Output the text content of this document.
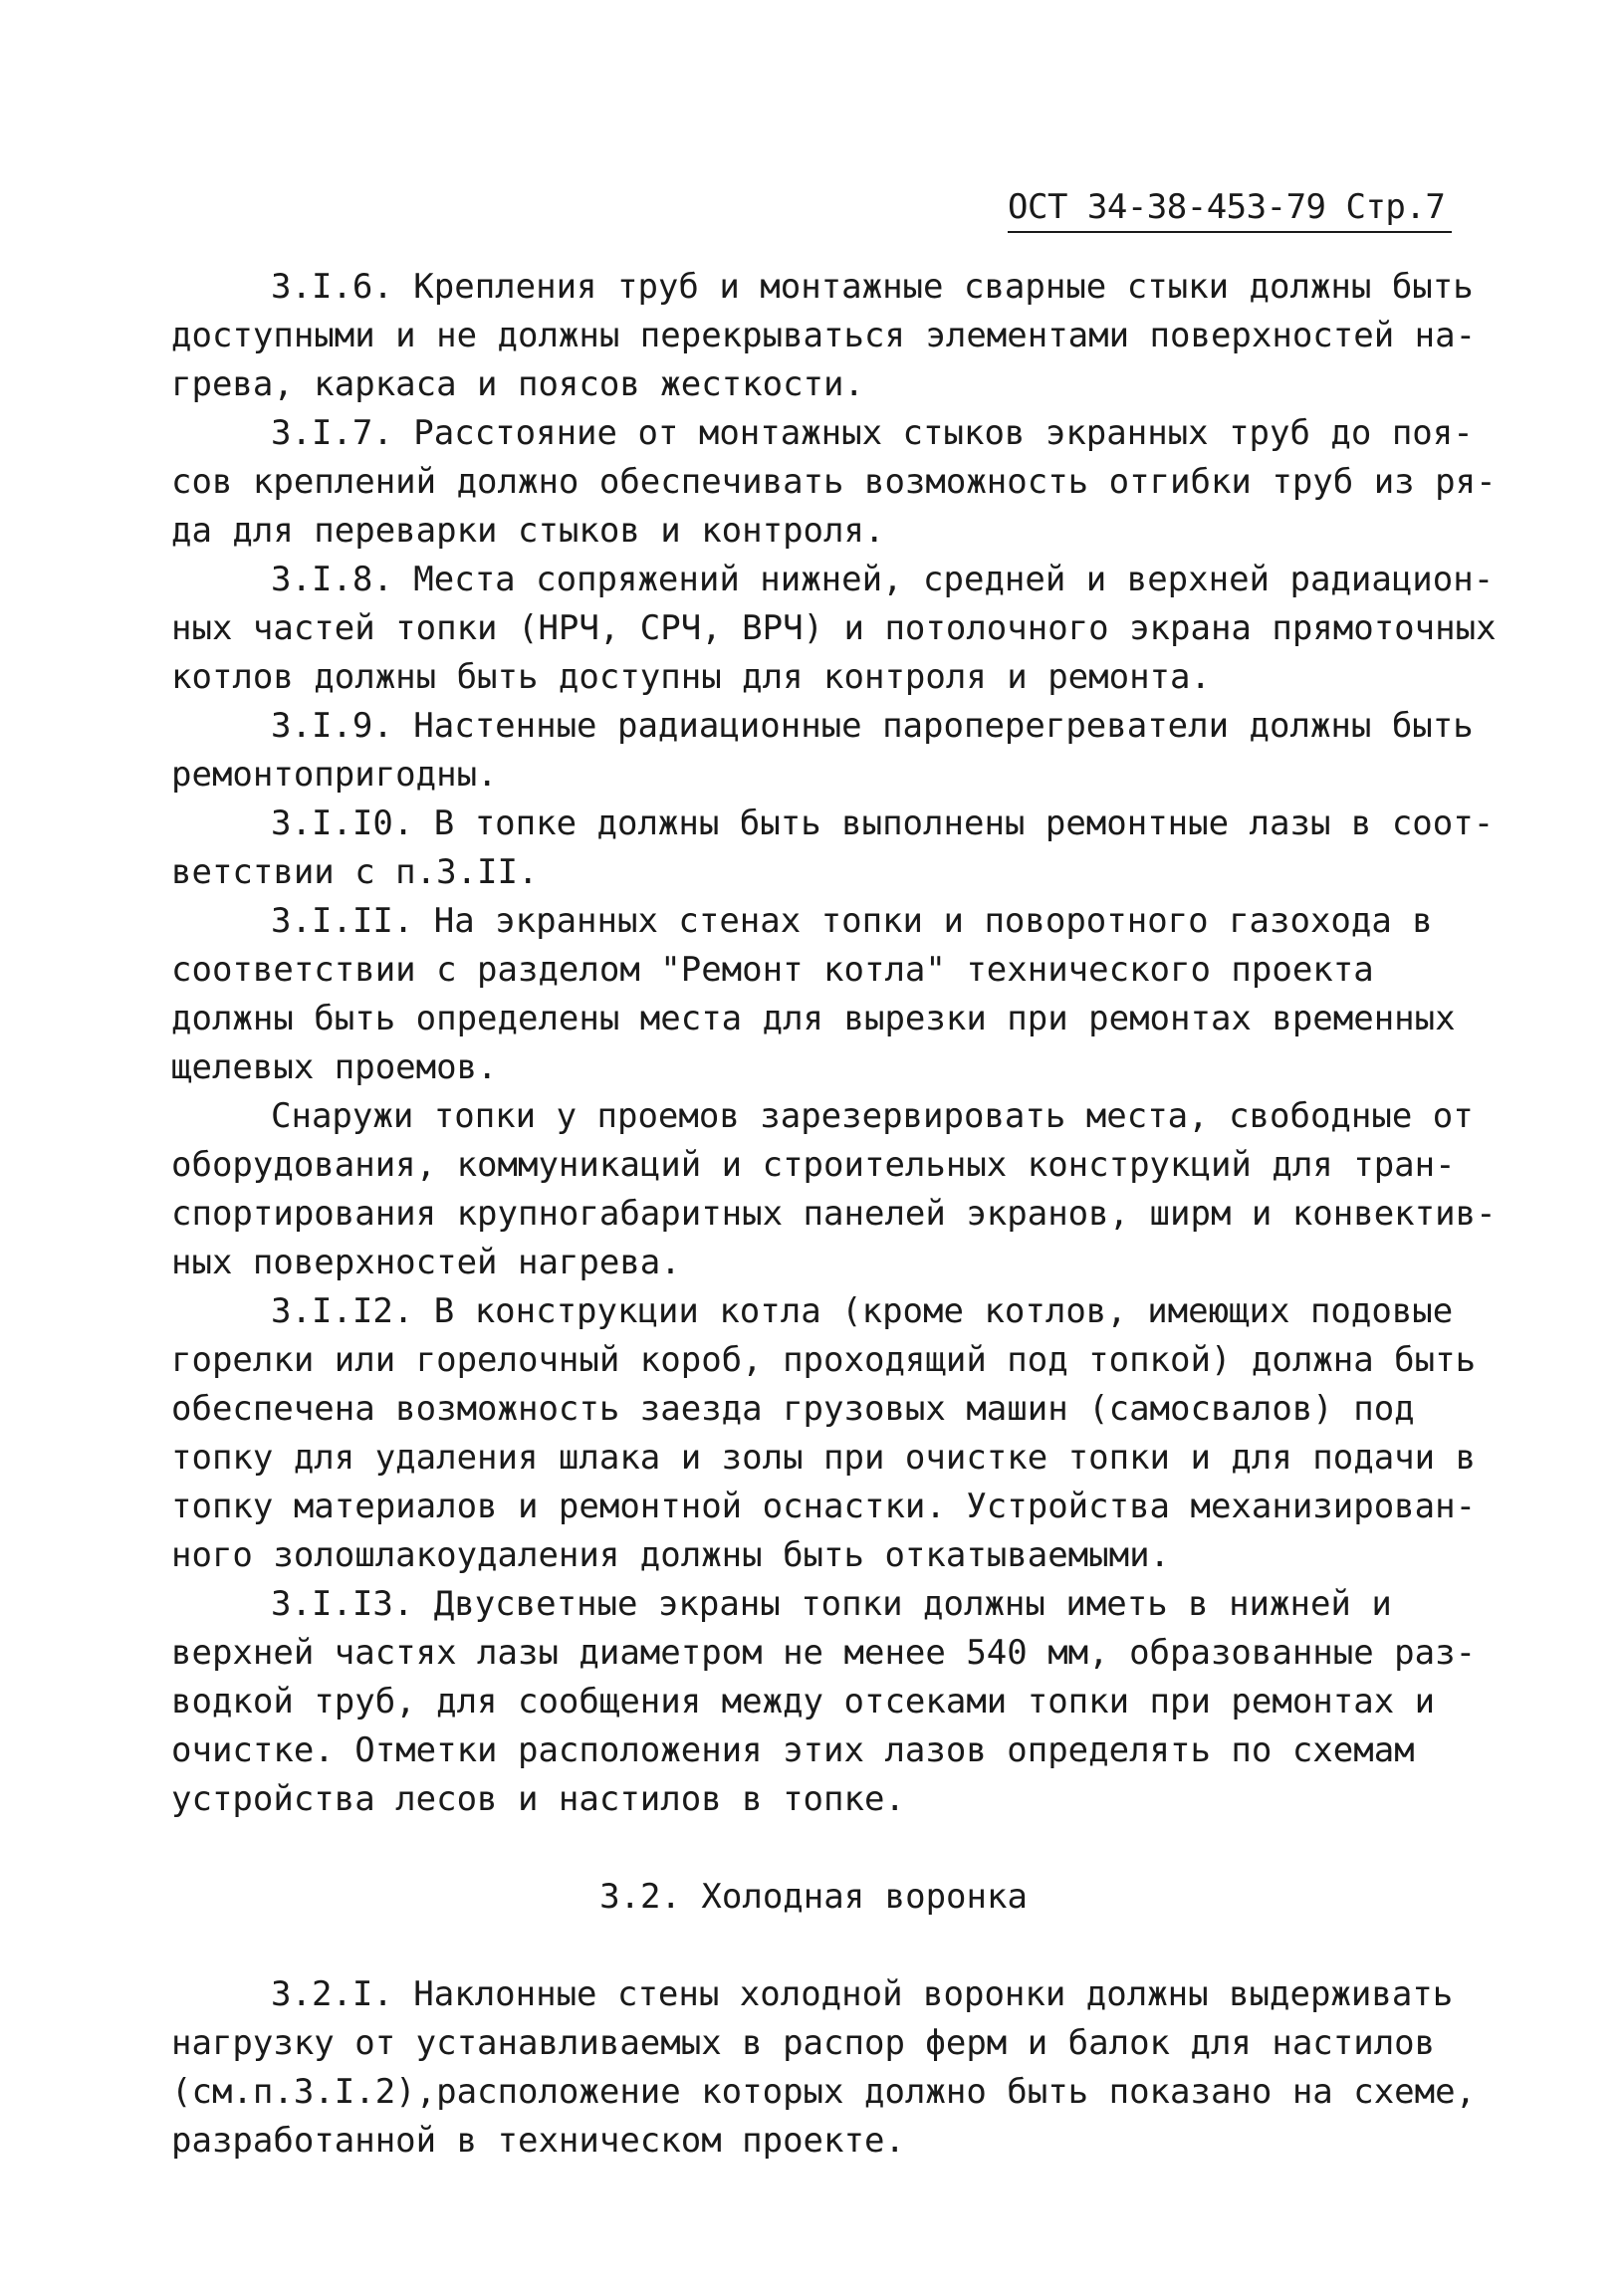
ОСТ 34-38-453-79 Стр.7
3.I.6. Крепления труб и монтажные сварные стыки должны быть
доступными и не должны перекрываться элементами поверхностей на-
грева, каркаса и поясов жесткости.
3.I.7. Расстояние от монтажных стыков экранных труб до поя-
сов креплений должно обеспечивать возможность отгибки труб из ря-
да для переварки стыков и контроля.
3.I.8. Места сопряжений нижней, средней и верхней радиацион-
ных частей топки (НРЧ, СРЧ, ВРЧ) и потолочного экрана прямоточных
котлов должны быть доступны для контроля и ремонта.
3.I.9. Настенные радиационные пароперегреватели должны быть
ремонтопригодны.
3.I.I0. В топке должны быть выполнены ремонтные лазы в соот-
ветствии с п.3.II.
3.I.II. На экранных стенах топки и поворотного газохода в
соответствии с разделом "Ремонт котла" технического проекта
должны быть определены места для вырезки при ремонтах временных
щелевых проемов.
Снаружи топки у проемов зарезервировать места, свободные от
оборудования, коммуникаций и строительных конструкций для тран-
спортирования крупногабаритных панелей экранов, ширм и конвектив-
ных поверхностей нагрева.
3.I.I2. В конструкции котла (кроме котлов, имеющих подовые
горелки или горелочный короб, проходящий под топкой) должна быть
обеспечена возможность заезда грузовых машин (самосвалов) под
топку для удаления шлака и золы при очистке топки и для подачи в
топку материалов и ремонтной оснастки. Устройства механизирован-
ного золошлакоудаления должны быть откатываемыми.
3.I.I3. Двусветные экраны топки должны иметь в нижней и
верхней частях лазы диаметром не менее 540 мм, образованные раз-
водкой труб, для сообщения между отсеками топки при ремонтах и
очистке. Отметки расположения этих лазов определять по схемам
устройства лесов и настилов в топке.
3.2. Холодная воронка
3.2.I. Наклонные стены холодной воронки должны выдерживать
нагрузку от устанавливаемых в распор ферм и балок для настилов
(см.п.3.I.2),расположение которых должно быть показано на схеме,
разработанной в техническом проекте.
